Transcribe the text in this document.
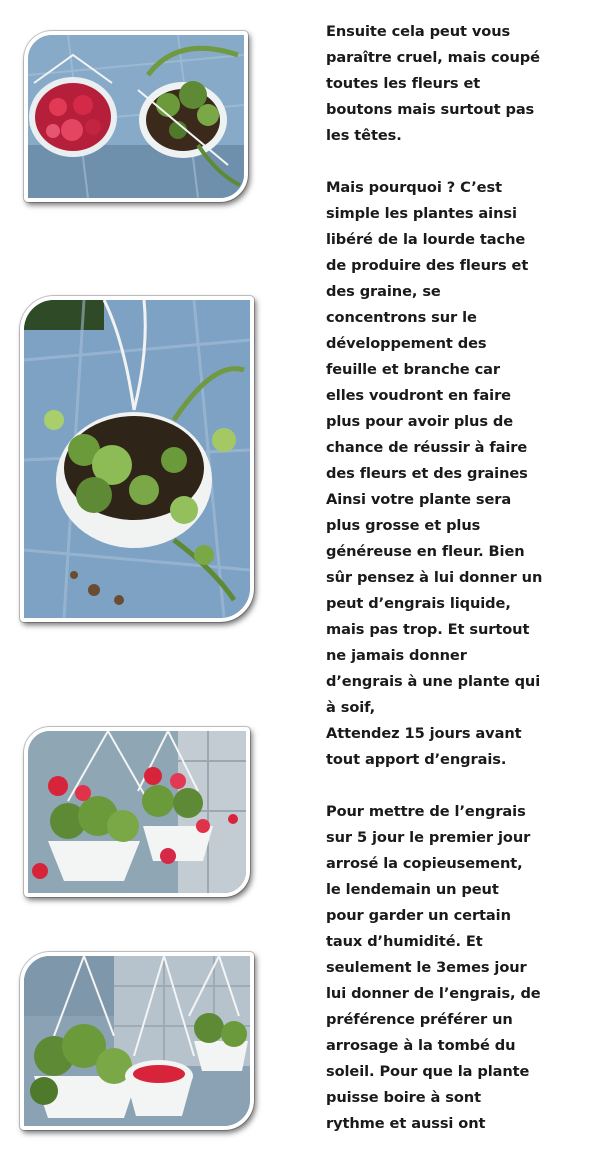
Ensuite cela peut vous
paraître cruel, mais coupé
toutes les fleurs et
boutons mais surtout pas
les têtes.

Mais pourquoi ? C’est
simple les plantes ainsi
libéré de la lourde tache
de produire des fleurs et
des graine, se
concentrons sur le
développement des
feuille et branche car
elles voudront en faire
plus pour avoir plus de
chance de réussir à faire
des fleurs et des graines
Ainsi votre plante sera
plus grosse et plus
généreuse en fleur. Bien
sûr pensez à lui donner un
peut d’engrais liquide,
mais pas trop. Et surtout
ne jamais donner
d’engrais à une plante qui
à soif,
Attendez 15 jours avant
tout apport d’engrais.

Pour mettre de l’engrais
sur 5 jour le premier jour
arrosé la copieusement,
le lendemain un peut
pour garder un certain
taux d’humidité. Et
seulement le 3emes jour
lui donner de l’engrais, de
préférence préférer un
arrosage à la tombé du
soleil. Pour que la plante
puisse boire à sont
rythme et aussi ont
